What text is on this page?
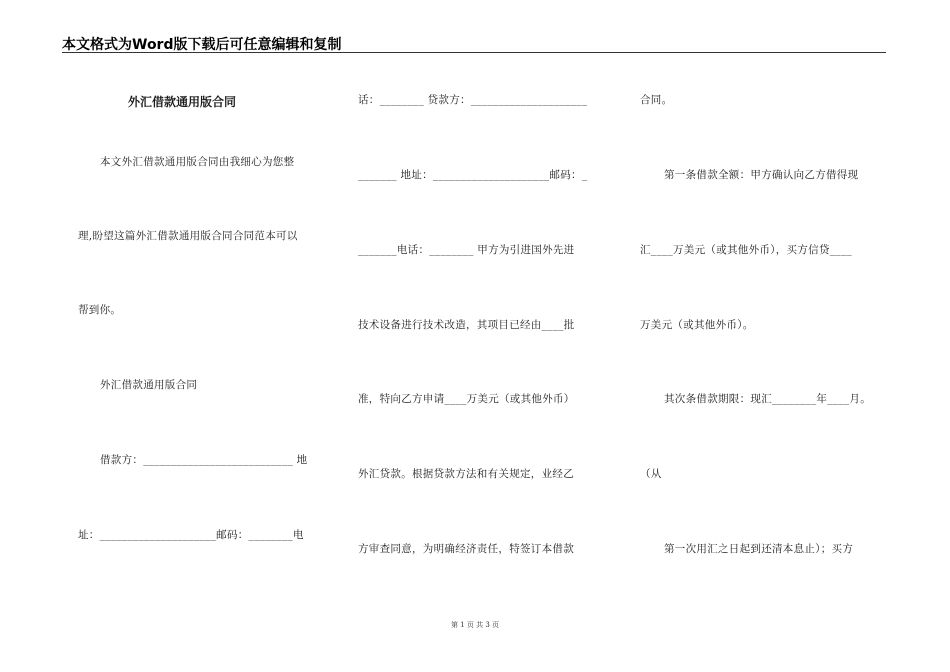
本文格式为Word版下载后可任意编辑和复制
外汇借款通用版合同
本文外汇借款通用版合同由我细心为您整
理,盼望这篇外汇借款通用版合同合同范本可以
帮到你。
外汇借款通用版合同
借款方：___________________________ 地
址：_____________________邮码：________电
话：________ 贷款方：_____________________
_______ 地址：_____________________邮码：_
_______电话：________ 甲方为引进国外先进
技术设备进行技术改造，其项目已经由____批
准，特向乙方申请____万美元（或其他外币）
外汇贷款。根据贷款方法和有关规定，业经乙
方审查同意，为明确经济责任，特签订本借款
合同。
第一条借款全额：甲方确认向乙方借得现
汇____万美元（或其他外币），买方信贷____
万美元（或其他外币）。
其次条借款期限：现汇________年____月。
（从
第一次用汇之日起到还清本息止）；买方
第 1 页 共 3 页
